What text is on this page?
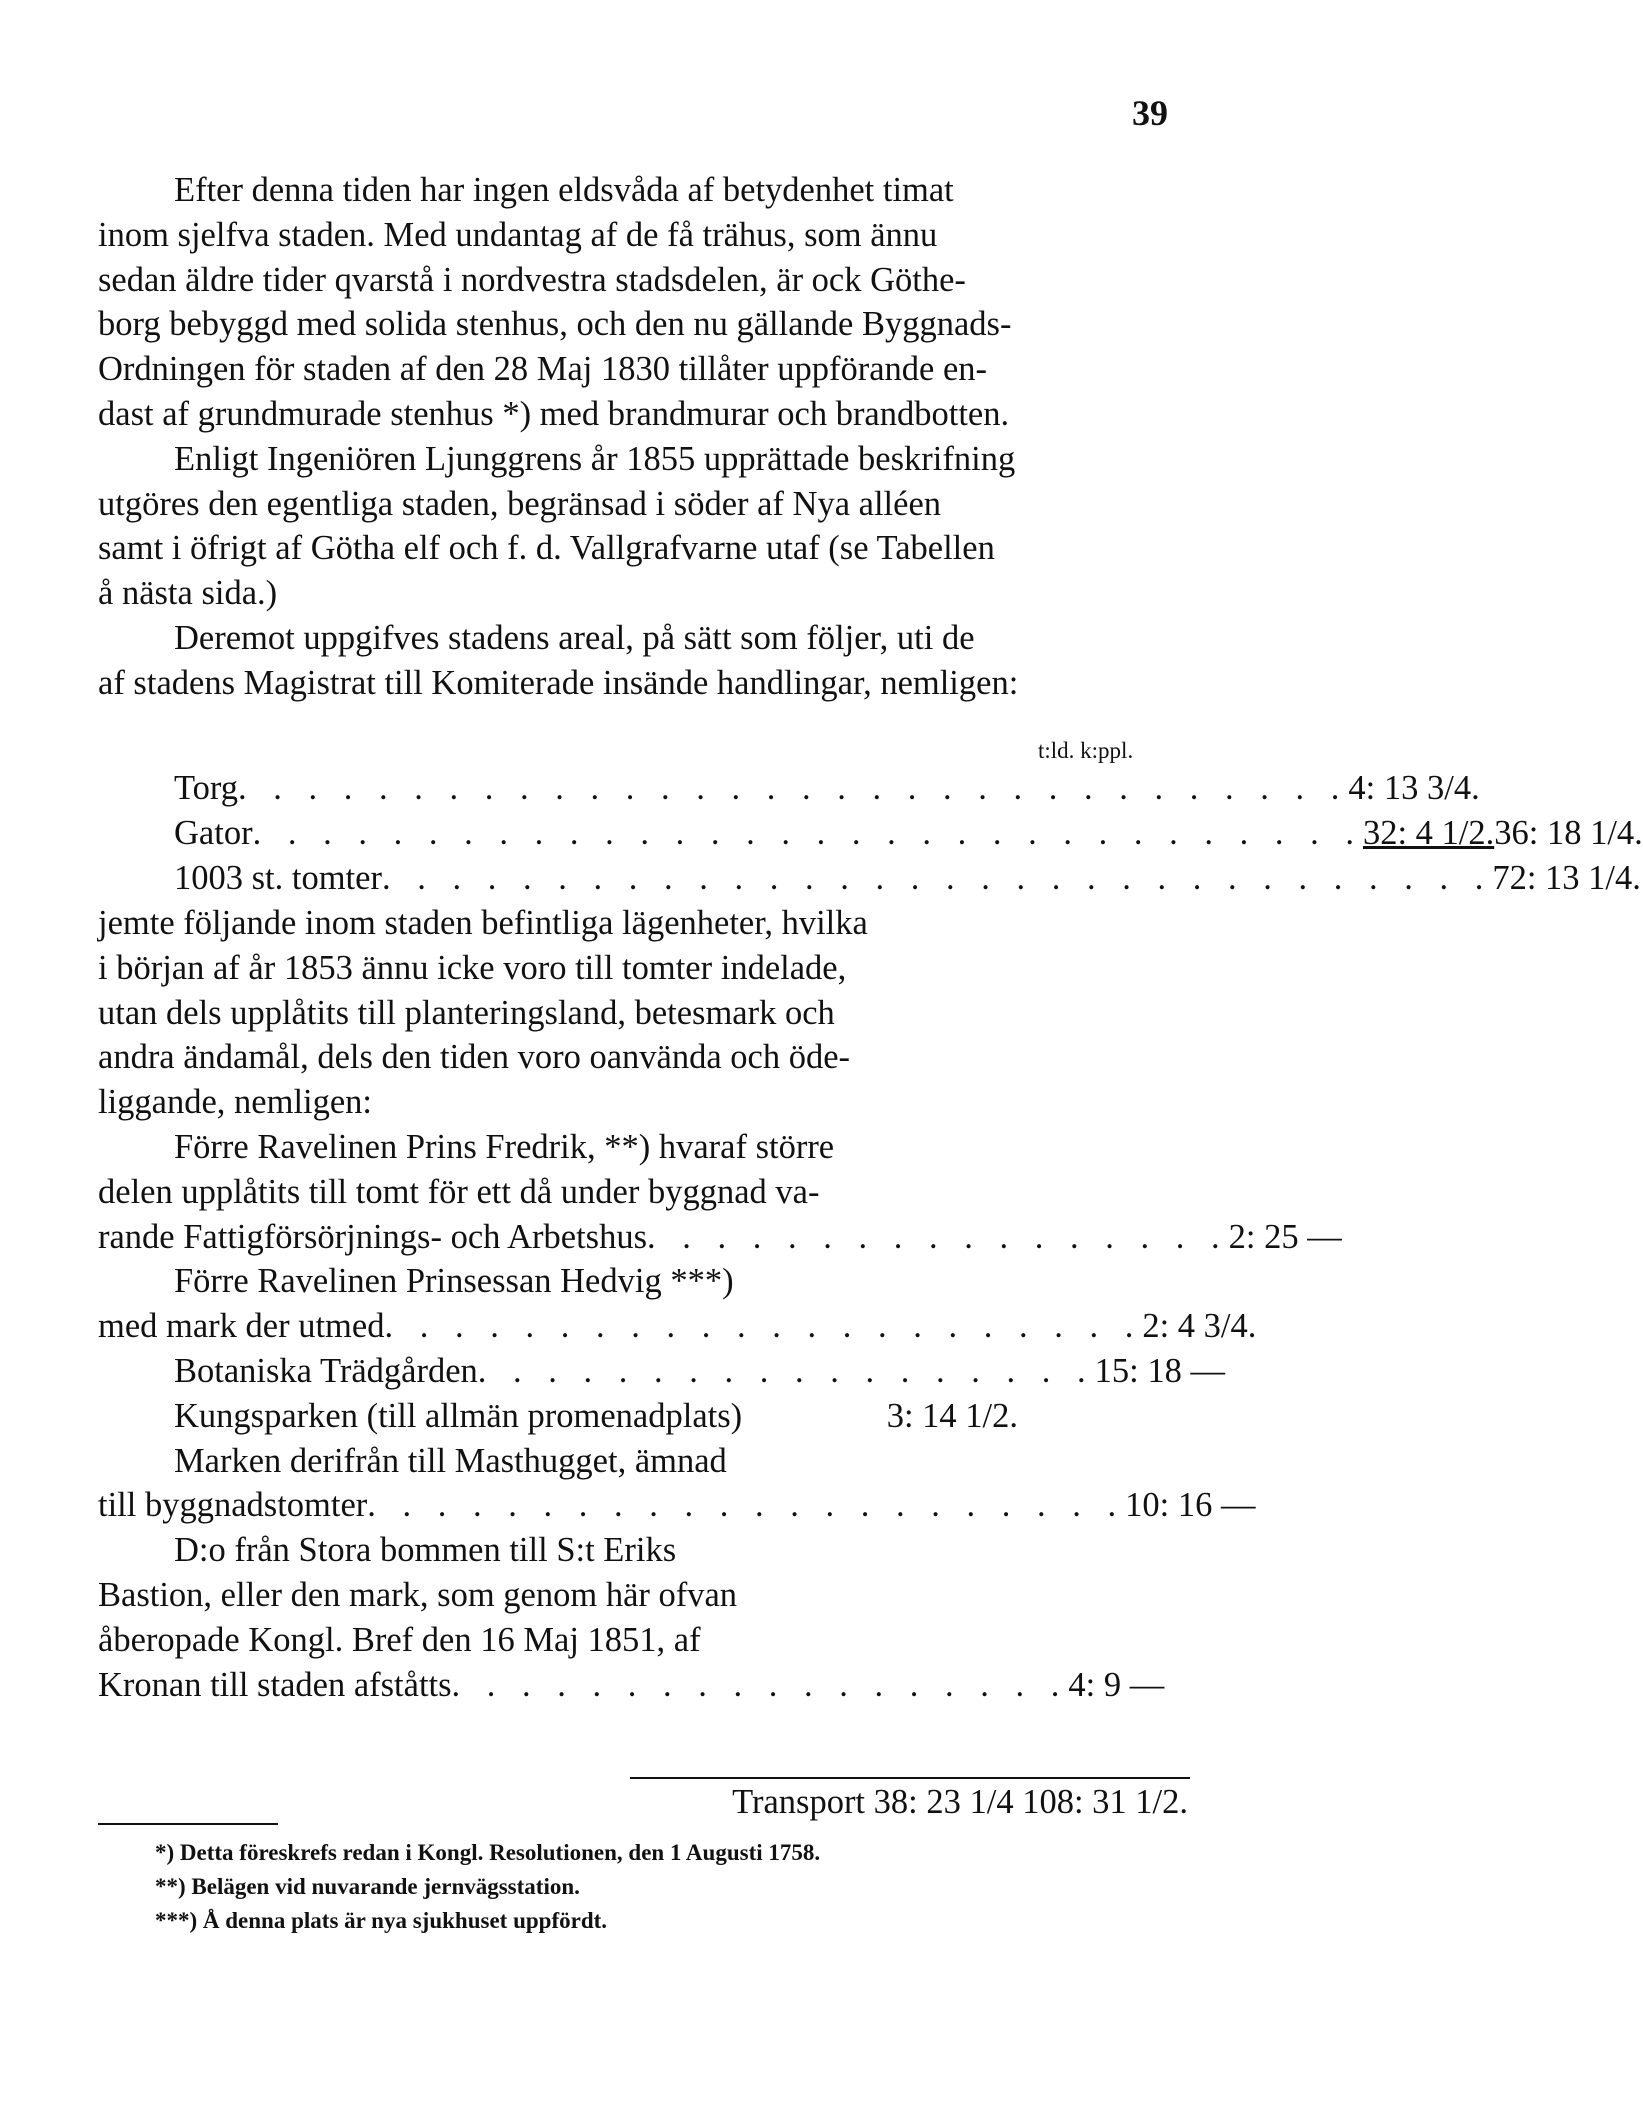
39
Efter denna tiden har ingen eldsvåda af betydenhet timat
inom sjelfva staden. Med undantag af de få trähus, som ännu
sedan äldre tider qvarstå i nordvestra stadsdelen, är ock Göthe-
borg bebyggd med solida stenhus, och den nu gällande Byggnads-
Ordningen för staden af den 28 Maj 1830 tillåter uppförande en-
dast af grundmurade stenhus *) med brandmurar och brandbotten.
Enligt Ingeniören Ljunggrens år 1855 upprättade beskrifning
utgöres den egentliga staden, begränsad i söder af Nya alléen
samt i öfrigt af Götha elf och f. d. Vallgrafvarne utaf (se Tabellen
å nästa sida.)
Deremot uppgifves stadens areal, på sätt som följer, uti de
af stadens Magistrat till Komiterade insände handlingar, nemligen:
t:ld. k:ppl.
Torg . . . . . . . . . . . . . . . . . . . . . . . . . . . . . . . . 4: 13 3/4.
Gator . . . . . . . . . . . . . . . . . . . . . . . . . . . . . . . . 32: 4 1/2. 36: 18 1/4.
1003 st. tomter . . . . . . . . . . . . . . . . . . . . . . . . . . . . . . . . 72: 13 1/4.
jemte följande inom staden befintliga lägenheter, hvilka
i början af år 1853 ännu icke voro till tomter indelade,
utan dels upplåtits till planteringsland, betesmark och
andra ändamål, dels den tiden voro oanvända och öde-
liggande, nemligen:
Förre Ravelinen Prins Fredrik, **) hvaraf större
delen upplåtits till tomt för ett då under byggnad va-
rande Fattigförsörjnings- och Arbetshus . . . . . . . . . . . . . . . . . 2: 25 —
Förre Ravelinen Prinsessan Hedvig ***)
med mark der utmed . . . . . . . . . . . . . . . . . . . . . . 2: 4 3/4.
Botaniska Trädgården . . . . . . . . . . . . . . . . . . 15: 18 —
Kungsparken (till allmän promenadplats)	3: 14 1/2.
Marken derifrån till Masthugget, ämnad
till byggnadstomter . . . . . . . . . . . . . . . . . . . . . . 10: 16 —
D:o från Stora bommen till S:t Eriks
Bastion, eller den mark, som genom här ofvan
åberopade Kongl. Bref den 16 Maj 1851, af
Kronan till staden afståtts . . . . . . . . . . . . . . . . . . 4: 9 —
Transport 38: 23 1/4 108: 31 1/2.
*) Detta föreskrefs redan i Kongl. Resolutionen, den 1 Augusti 1758.
**) Belägen vid nuvarande jernvägsstation.
***) Å denna plats är nya sjukhuset uppfördt.
